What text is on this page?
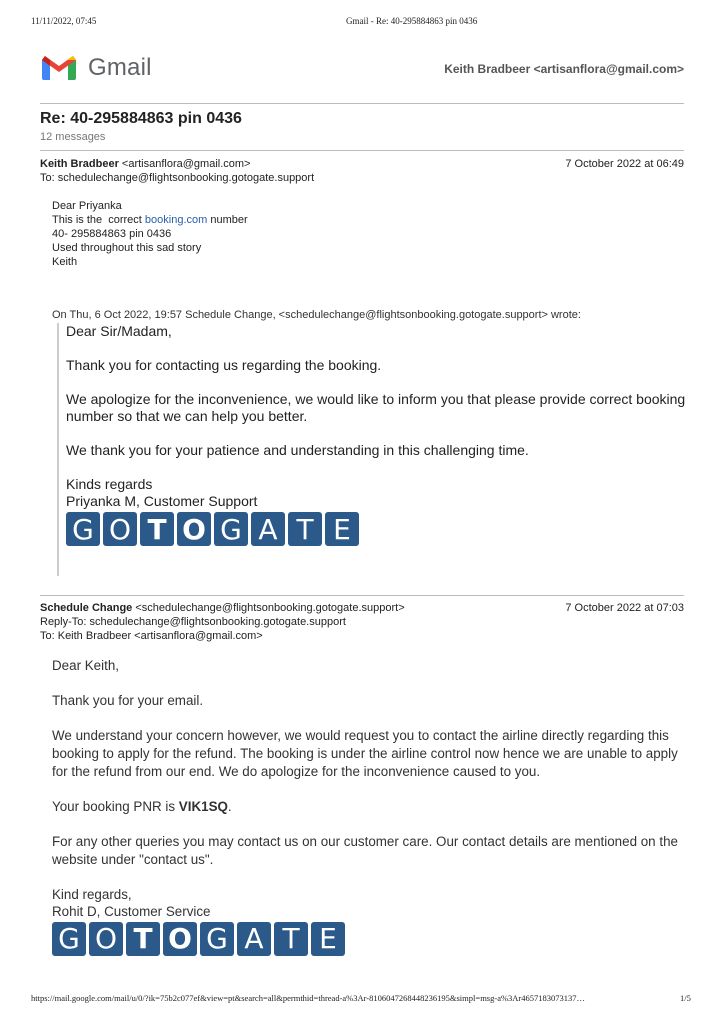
11/11/2022, 07:45	Gmail - Re: 40-295884863 pin 0436
Gmail	Keith Bradbeer <artisanflora@gmail.com>
Re: 40-295884863 pin 0436
12 messages
Keith Bradbeer <artisanflora@gmail.com>	7 October 2022 at 06:49
To: schedulechange@flightsonbooking.gotogate.support
Dear Priyanka
This is the  correct booking.com number
40- 295884863 pin 0436
Used throughout this sad story
Keith
On Thu, 6 Oct 2022, 19:57 Schedule Change, <schedulechange@flightsonbooking.gotogate.support> wrote:

Dear Sir/Madam,

Thank you for contacting us regarding the booking.

We apologize for the inconvenience, we would like to inform you that please provide correct booking number so that we can help you better.

We thank you for your patience and understanding in this challenging time.

Kinds regards
Priyanka M, Customer Support
G O T O G A T E
Schedule Change <schedulechange@flightsonbooking.gotogate.support>	7 October 2022 at 07:03
Reply-To: schedulechange@flightsonbooking.gotogate.support
To: Keith Bradbeer <artisanflora@gmail.com>

Dear Keith,

Thank you for your email.

We understand your concern however, we would request you to contact the airline directly regarding this booking to apply for the refund. The booking is under the airline control now hence we are unable to apply for the refund from our end. We do apologize for the inconvenience caused to you.

Your booking PNR is VIK1SQ.

For any other queries you may contact us on our customer care. Our contact details are mentioned on the website under "contact us".

Kind regards,
Rohit D, Customer Service
G O T O G A T E
https://mail.google.com/mail/u/0/?ik=75b2c077ef&view=pt&search=all&permthid=thread-a%3Ar-8106047268448236195&simpl=msg-a%3Ar4657183073137…	1/5
